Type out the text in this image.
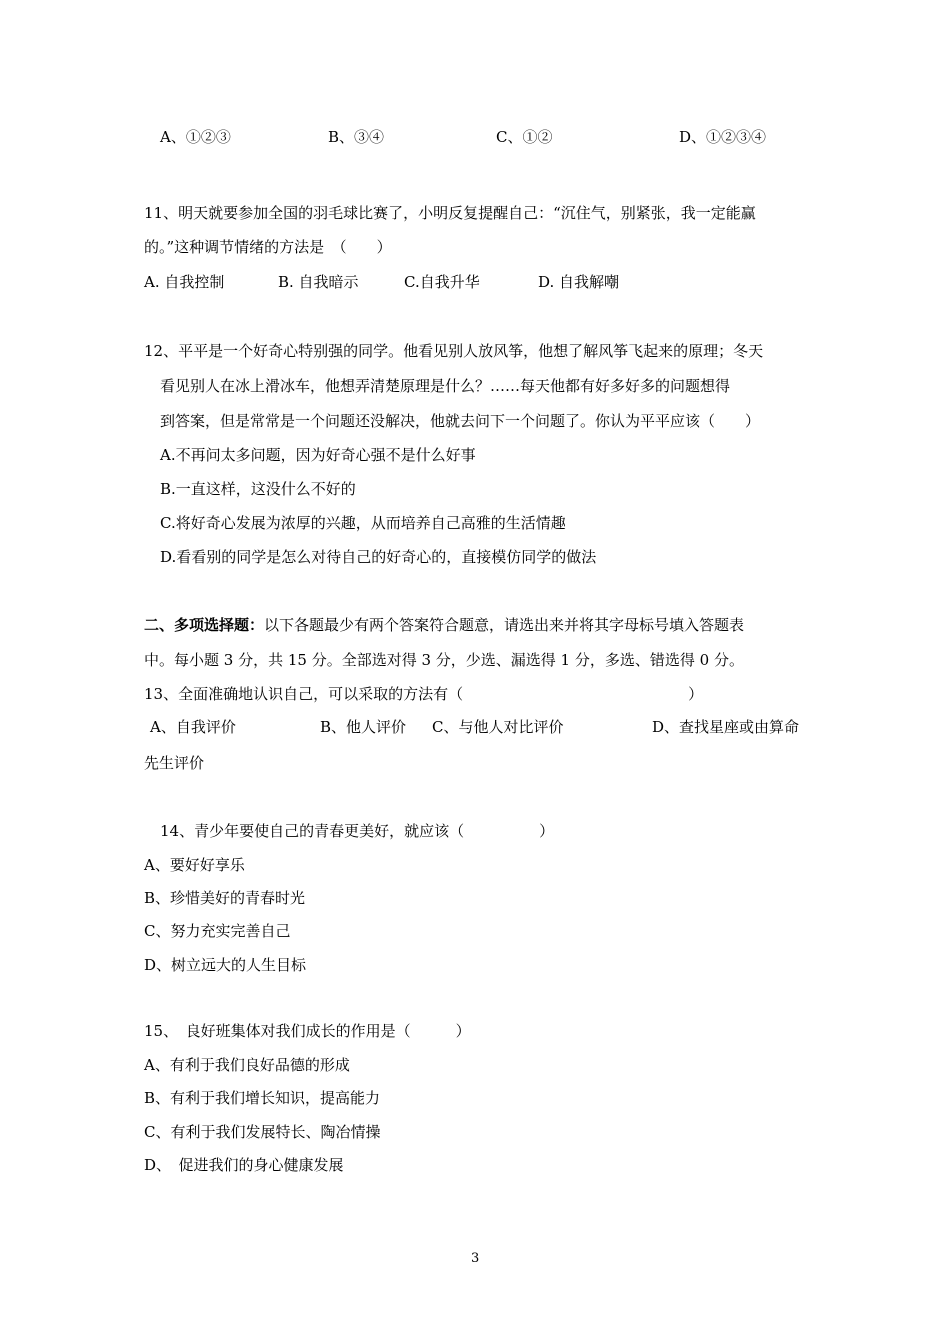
A、①②③	B、③④	C、①②	D、①②③④
11、明天就要参加全国的羽毛球比赛了，小明反复提醒自己：“沉住气，别紧张，我一定能赢
的。”这种调节情绪的方法是　（　　）
A. 自我控制	B. 自我暗示	C.自我升华	D. 自我解嘲
12、平平是一个好奇心特别强的同学。他看见别人放风筝，他想了解风筝飞起来的原理；冬天
看见别人在冰上滑冰车，他想弄清楚原理是什么？……每天他都有好多好多的问题想得
到答案，但是常常是一个问题还没解决，他就去问下一个问题了。你认为平平应该（　　）
A.不再问太多问题，因为好奇心强不是什么好事
B.一直这样，这没什么不好的
C.将好奇心发展为浓厚的兴趣，从而培养自己高雅的生活情趣
D.看看别的同学是怎么对待自己的好奇心的，直接模仿同学的做法
二、多项选择题：以下各题最少有两个答案符合题意，请选出来并将其字母标号填入答题表
中。每小题 3 分，共 15 分。全部选对得 3 分，少选、漏选得 1 分，多选、错选得 0 分。
13、全面准确地认识自己，可以采取的方法有（　　　　　　　　　　　　　　　）
A、自我评价	B、他人评价 C、与他人对比评价	D、查找星座或由算命
先生评价
14、青少年要使自己的青春更美好，就应该（　　　　　）
A、要好好享乐
B、珍惜美好的青春时光
C、努力充实完善自己
D、树立远大的人生目标
15、　良好班集体对我们成长的作用是（　　　）
A、有利于我们良好品德的形成
B、有利于我们增长知识，提高能力
C、有利于我们发展特长、陶冶情操
D、　促进我们的身心健康发展
3
